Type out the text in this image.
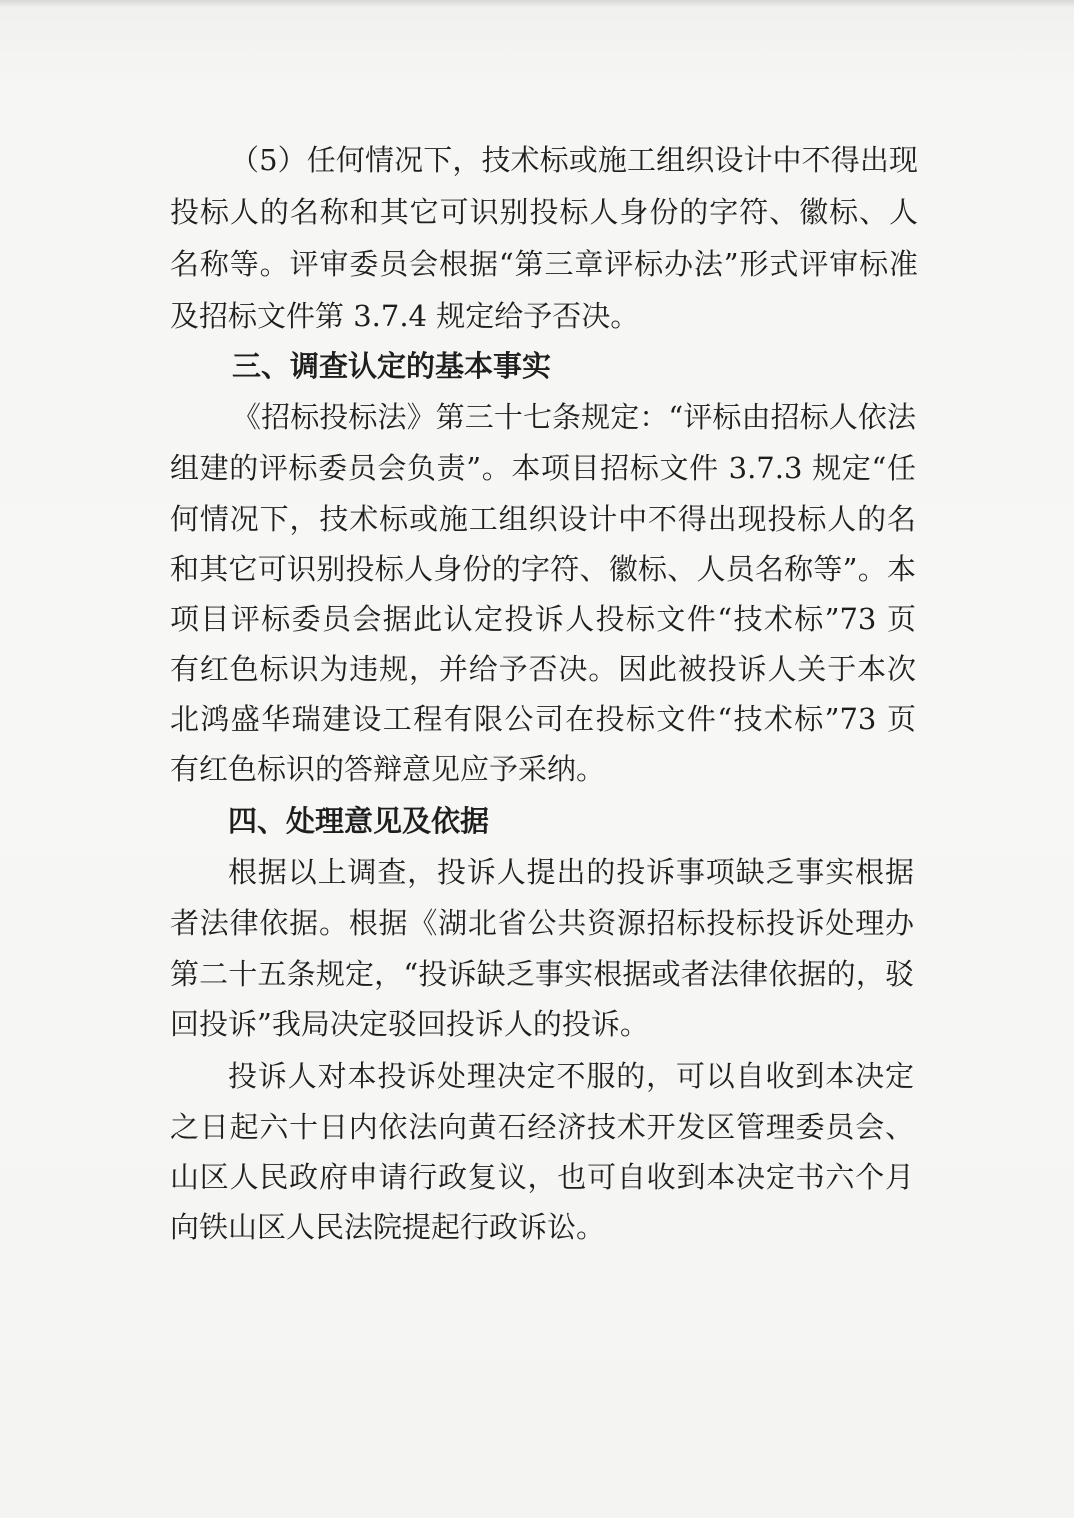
（5）任何情况下，技术标或施工组织设计中不得出现
投标人的名称和其它可识别投标人身份的字符、徽标、人
名称等。评审委员会根据“第三章评标办法”形式评审标准
及招标文件第 3.7.4 规定给予否决。
三、调查认定的基本事实
《招标投标法》第三十七条规定：“评标由招标人依法
组建的评标委员会负责”。本项目招标文件 3.7.3 规定“任
何情况下，技术标或施工组织设计中不得出现投标人的名
和其它可识别投标人身份的字符、徽标、人员名称等”。本
项目评标委员会据此认定投诉人投标文件“技术标”73 页
有红色标识为违规，并给予否决。因此被投诉人关于本次
北鸿盛华瑞建设工程有限公司在投标文件“技术标”73 页
有红色标识的答辩意见应予采纳。
四、处理意见及依据
根据以上调查，投诉人提出的投诉事项缺乏事实根据
者法律依据。根据《湖北省公共资源招标投标投诉处理办
第二十五条规定，“投诉缺乏事实根据或者法律依据的，驳
回投诉”我局决定驳回投诉人的投诉。
投诉人对本投诉处理决定不服的，可以自收到本决定
之日起六十日内依法向黄石经济技术开发区管理委员会、
山区人民政府申请行政复议，也可自收到本决定书六个月
向铁山区人民法院提起行政诉讼。
